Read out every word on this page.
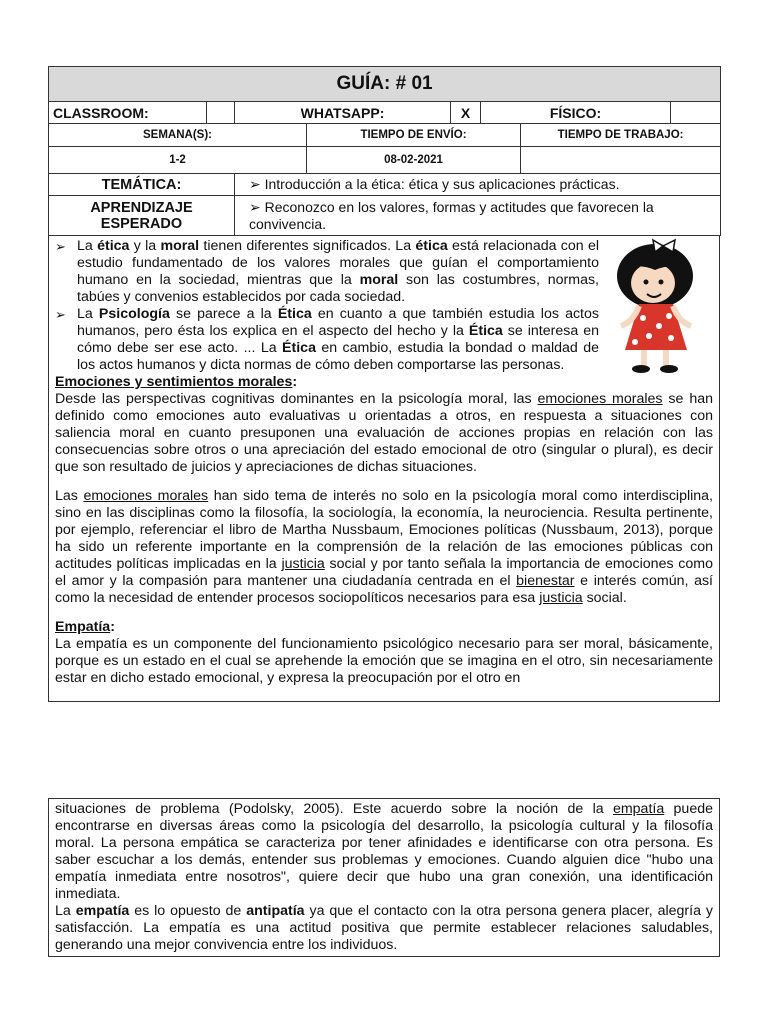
GUÍA: # 01							
CLASSROOM:		WHATSAPP:		X	FÍSICO:		
SEMANA(S):			TIEMPO DE ENVÍO:			TIEMPO DE TRABAJO:	
1-2			08-02-2021				
TEMÁTICA:		➢ Introducción a la ética: ética y sus aplicaciones prácticas.					
APRENDIZAJE ESPERADO		➢ Reconozco en los valores, formas y actitudes que favorecen la convivencia.					
➢ La ética y la moral tienen diferentes significados. La ética está relacionada con el estudio fundamentado de los valores morales que guían el comportamiento humano en la sociedad, mientras que la moral son las costumbres, normas, tabúes y convenios establecidos por cada sociedad.
➢ La Psicología se parece a la Ética en cuanto a que también estudia los actos humanos, pero ésta los explica en el aspecto del hecho y la Ética se interesa en cómo debe ser ese acto. ... La Ética en cambio, estudia la bondad o maldad de los actos humanos y dicta normas de cómo deben comportarse las personas.

Emociones y sentimientos morales:

Desde las perspectivas cognitivas dominantes en la psicología moral, las emociones morales se han definido como emociones auto evaluativas u orientadas a otros, en respuesta a situaciones con saliencia moral en cuanto presuponen una evaluación de acciones propias en relación con las consecuencias sobre otros o una apreciación del estado emocional de otro (singular o plural), es decir que son resultado de juicios y apreciaciones de dichas situaciones.

Las emociones morales han sido tema de interés no solo en la psicología moral como interdisciplina, sino en las disciplinas como la filosofía, la sociología, la economía, la neurociencia. Resulta pertinente, por ejemplo, referenciar el libro de Martha Nussbaum, Emociones políticas (Nussbaum, 2013), porque ha sido un referente importante en la comprensión de la relación de las emociones públicas con actitudes políticas implicadas en la justicia social y por tanto señala la importancia de emociones como el amor y la compasión para mantener una ciudadanía centrada en el bienestar e interés común, así como la necesidad de entender procesos sociopolíticos necesarios para esa justicia social.

Empatía:

La empatía es un componente del funcionamiento psicológico necesario para ser moral, básicamente, porque es un estado en el cual se aprehende la emoción que se imagina en el otro, sin necesariamente estar en dicho estado emocional, y expresa la preocupación por el otro en

situaciones de problema (Podolsky, 2005). Este acuerdo sobre la noción de la empatía puede encontrarse en diversas áreas como la psicología del desarrollo, la psicología cultural y la filosofía moral. La persona empática se caracteriza por tener afinidades e identificarse con otra persona. Es saber escuchar a los demás, entender sus problemas y emociones. Cuando alguien dice "hubo una empatía inmediata entre nosotros", quiere decir que hubo una gran conexión, una identificación inmediata.

La empatía es lo opuesto de antipatía ya que el contacto con la otra persona genera placer, alegría y satisfacción. La empatía es una actitud positiva que permite establecer relaciones saludables, generando una mejor convivencia entre los individuos.
